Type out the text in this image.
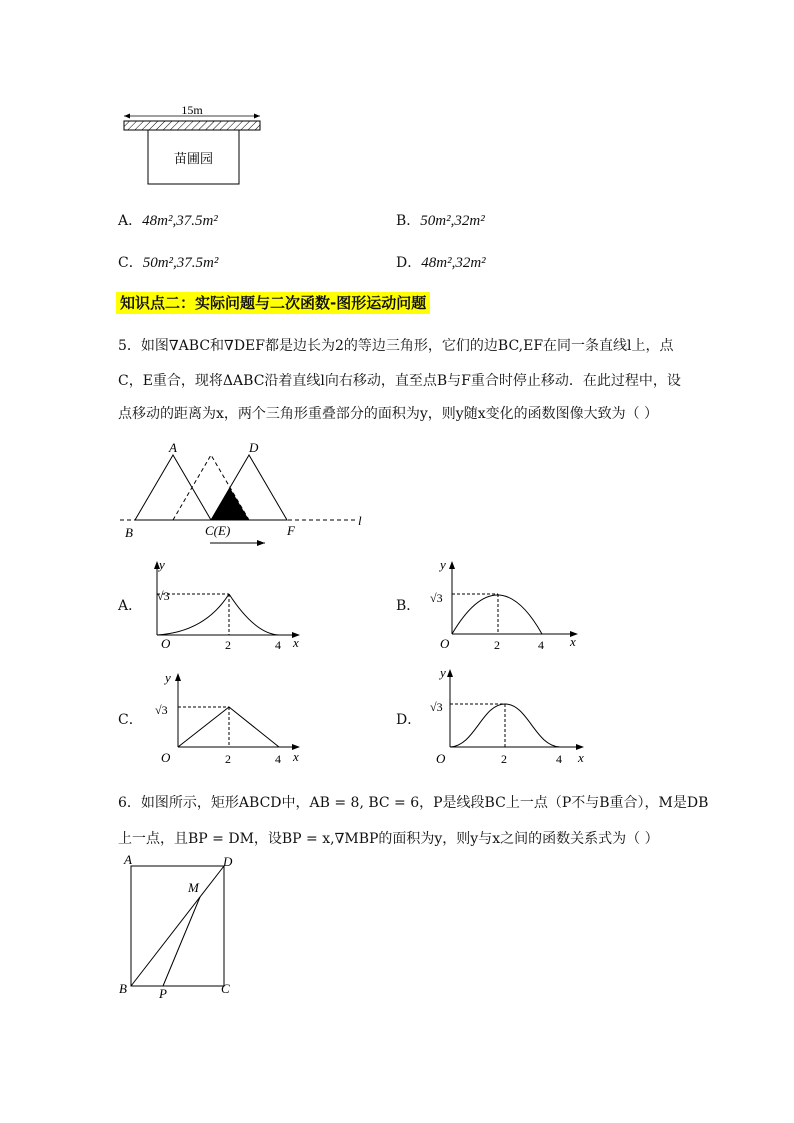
15m
苗圃园
A．48m²,37.5m²	B．50m²,32m²
C．50m²,37.5m²	D．48m²,32m²
知识点二：实际问题与二次函数-图形运动问题
5．如图∇ABC和∇DEF都是边长为2的等边三角形，它们的边BC,EF在同一条直线l上，点
C，E重合，现将ΔABC沿着直线l向右移动，直至点B与F重合时停止移动．在此过程中，设
点移动的距离为x，两个三角形重叠部分的面积为y，则y随x变化的函数图像大致为（ ）
A	D
B	C(E)	F
l
A．
y
x
O
√3
2	4
B．
y
x
O
√3
2	4
C．
y
x
O
√3
2	4
D．
y
x
O
√3
2	4
6．如图所示，矩形ABCD中，AB = 8, BC = 6，P是线段BC上一点（P不与B重合），M是DB
上一点，且BP = DM，设BP = x,∇MBP的面积为y，则y与x之间的函数关系式为（ ）
A	D
M
B P	C
